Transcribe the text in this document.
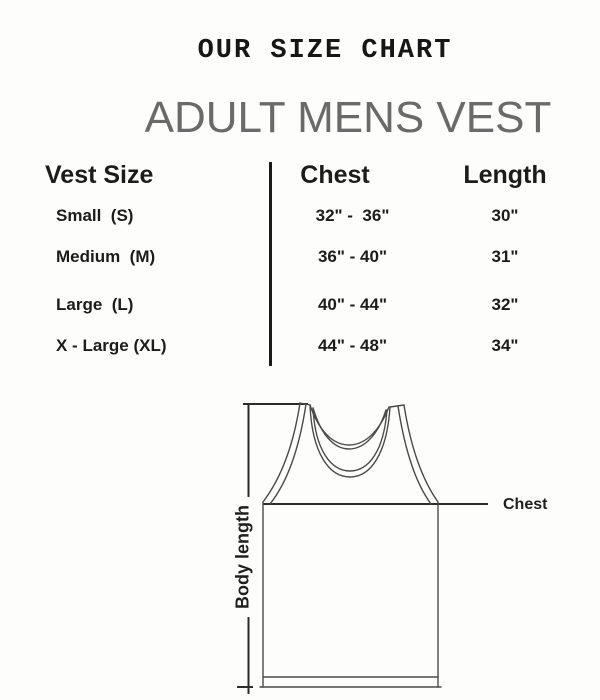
OUR SIZE CHART
ADULT MENS VEST
Vest Size	Chest	Length
Small  (S)	32" -  36"	30"
Medium  (M)	36" - 40"	31"
Large  (L)	40" - 44"	32"
X - Large (XL)	44" - 48"	34"
Body length
Chest
